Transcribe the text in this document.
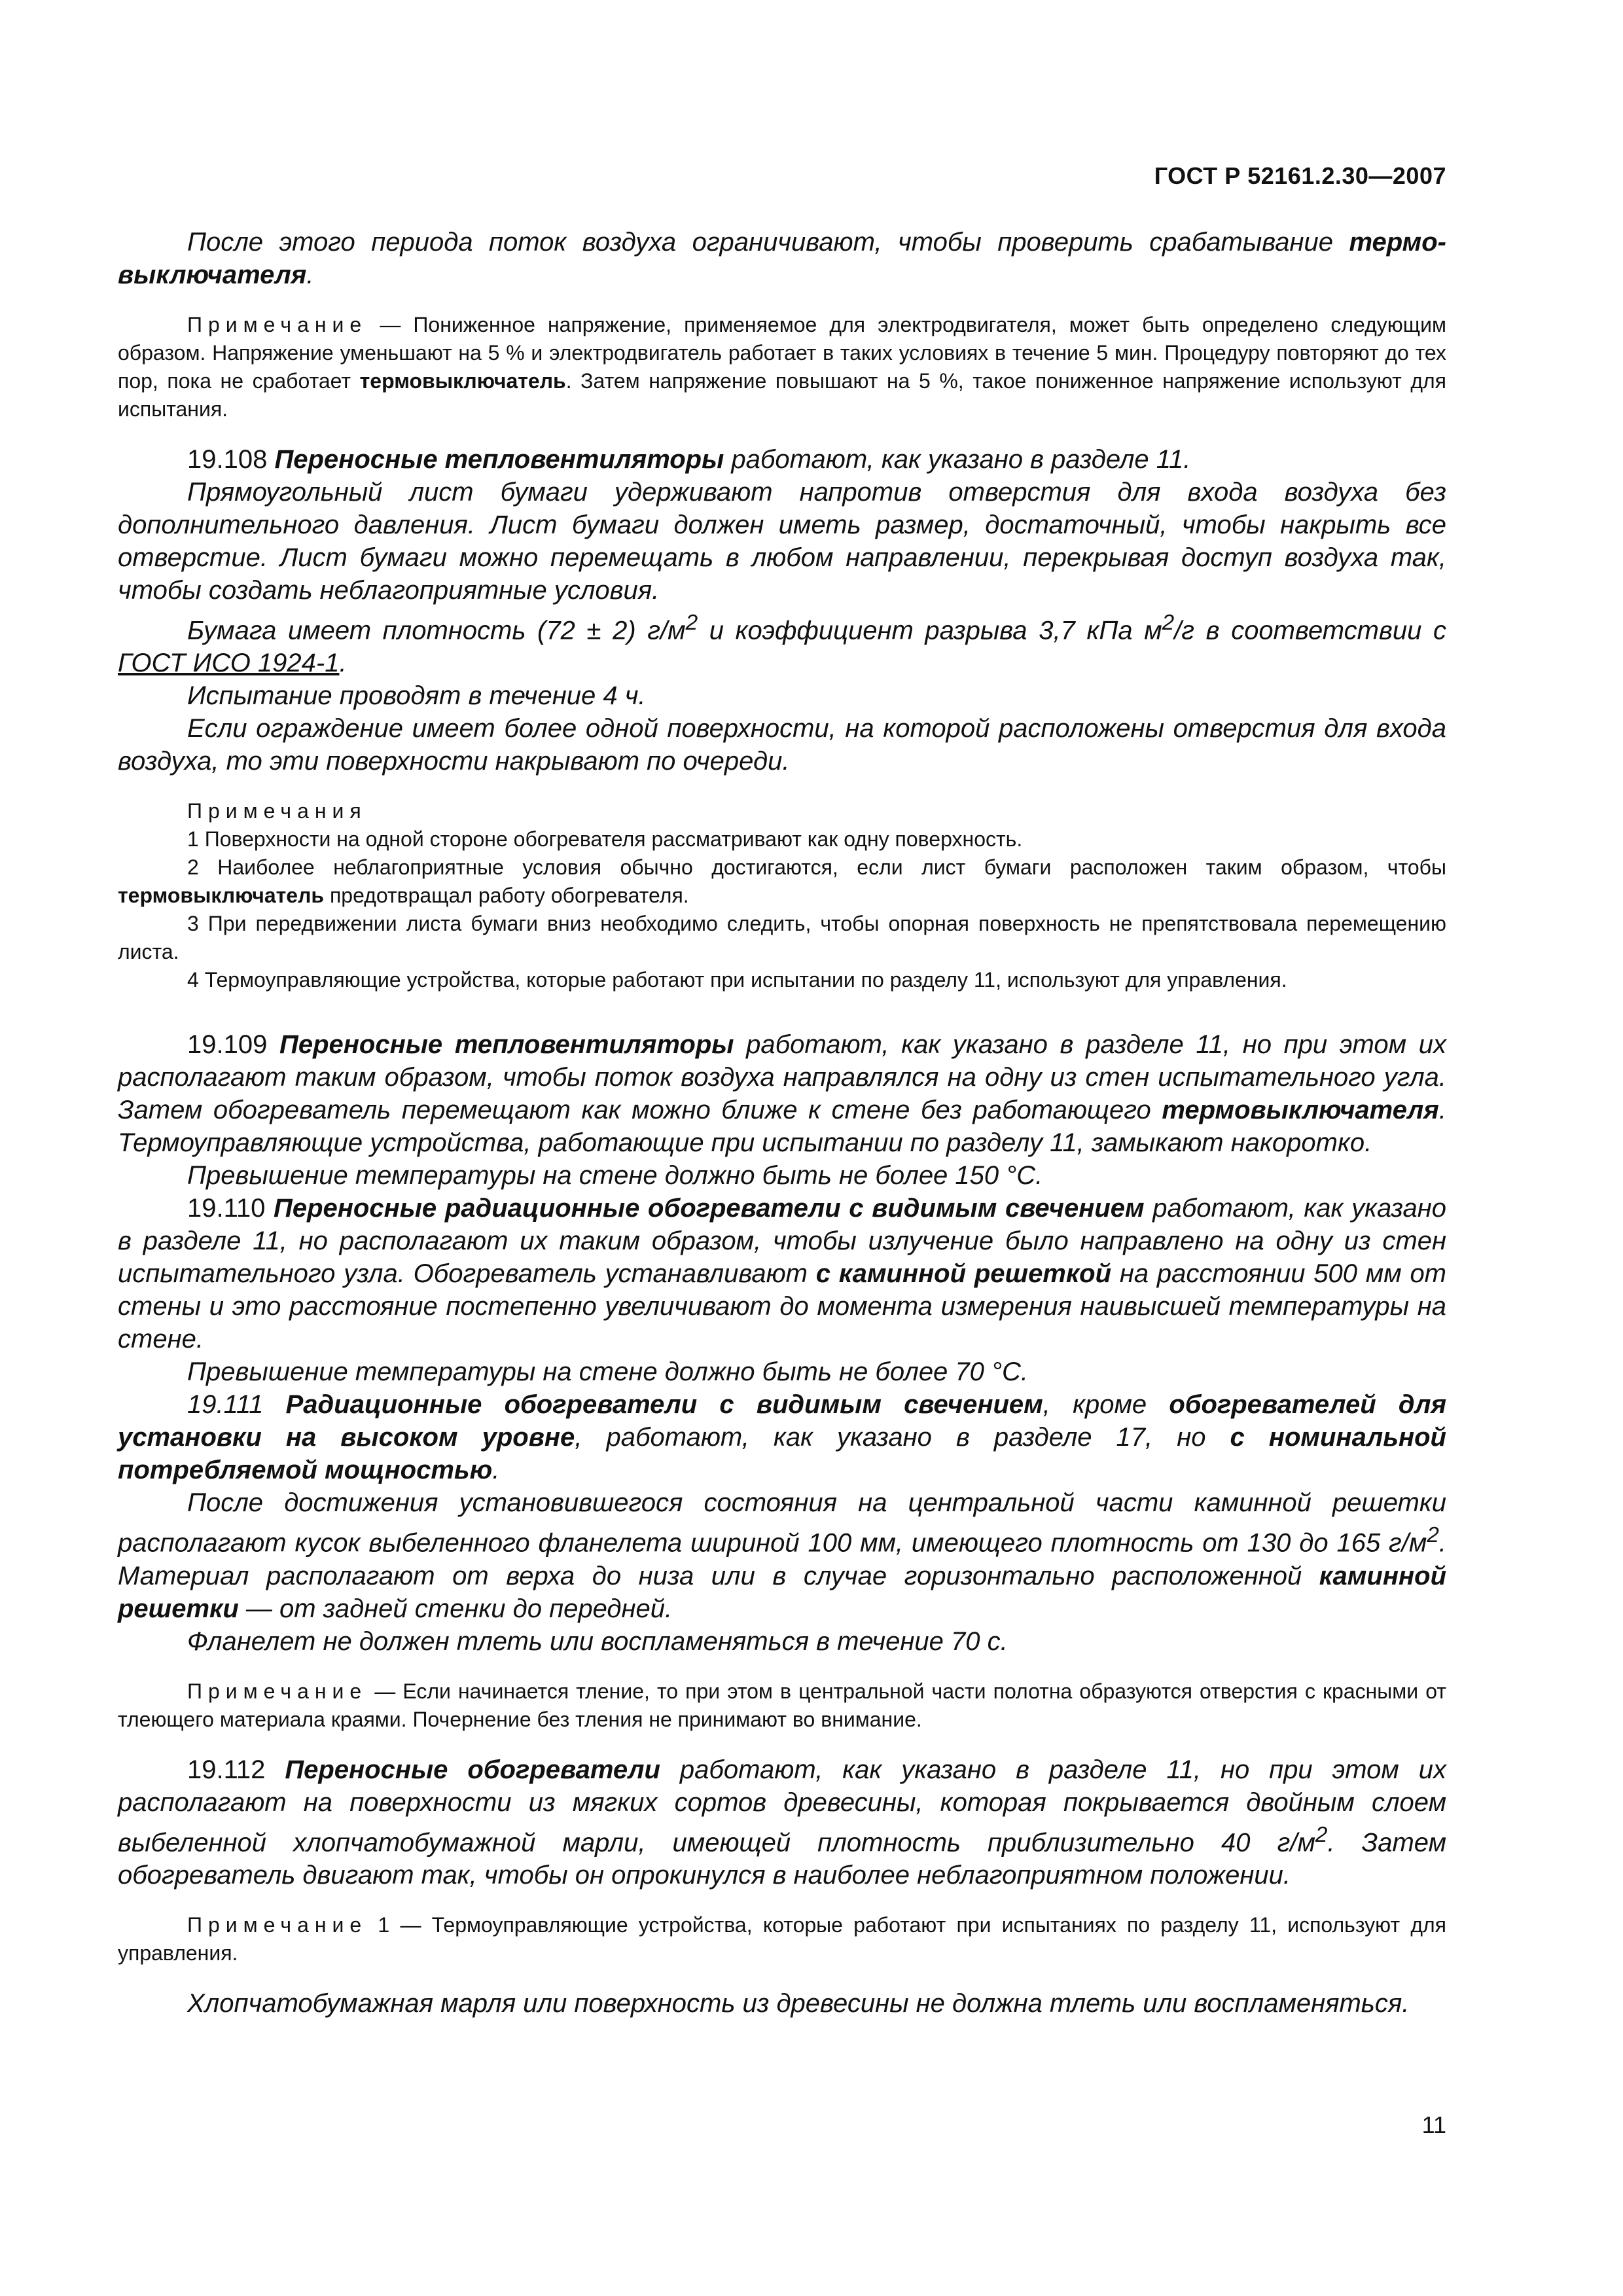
ГОСТ Р 52161.2.30—2007

После этого периода поток воздуха ограничивают, чтобы проверить срабатывание термо-выключателя.

Примечание — Пониженное напряжение, применяемое для электродвигателя, может быть определено следующим образом. Напряжение уменьшают на 5 % и электродвигатель работает в таких условиях в течение 5 мин. Процедуру повторяют до тех пор, пока не сработает термовыключатель. Затем напряжение повышают на 5 %, такое пониженное напряжение используют для испытания.

19.108 Переносные тепловентиляторы работают, как указано в разделе 11.

Прямоугольный лист бумаги удерживают напротив отверстия для входа воздуха без дополнительного давления. Лист бумаги должен иметь размер, достаточный, чтобы накрыть все отверстие. Лист бумаги можно перемещать в любом направлении, перекрывая доступ воздуха так, чтобы создать неблагоприятные условия.

Бумага имеет плотность (72 ± 2) $г/м^2$ и коэффициент разрыва 3,7 кПа $м^2/г$ в соответствии с ГОСТ ИСО 1924-1.

Испытание проводят в течение 4 ч.

Если ограждение имеет более одной поверхности, на которой расположены отверстия для входа воздуха, то эти поверхности накрывают по очереди.

Примечания

1 Поверхности на одной стороне обогревателя рассматривают как одну поверхность.

2 Наиболее неблагоприятные условия обычно достигаются, если лист бумаги расположен таким образом, чтобы термовыключатель предотвращал работу обогревателя.

3 При передвижении листа бумаги вниз необходимо следить, чтобы опорная поверхность не препятствовала перемещению листа.

4 Термоуправляющие устройства, которые работают при испытании по разделу 11, используют для управления.

19.109 Переносные тепловентиляторы работают, как указано в разделе 11, но при этом их располагают таким образом, чтобы поток воздуха направлялся на одну из стен испытательного угла. Затем обогреватель перемещают как можно ближе к стене без работающего термовыключателя. Термоуправляющие устройства, работающие при испытании по разделу 11, замыкают накоротко.

Превышение температуры на стене должно быть не более 150 °С.

19.110 Переносные радиационные обогреватели с видимым свечением работают, как указано в разделе 11, но располагают их таким образом, чтобы излучение было направлено на одну из стен испытательного узла. Обогреватель устанавливают с каминной решеткой на расстоянии 500 мм от стены и это расстояние постепенно увеличивают до момента измерения наивысшей температуры на стене.

Превышение температуры на стене должно быть не более 70 °С.

19.111 Радиационные обогреватели с видимым свечением, кроме обогревателей для установки на высоком уровне, работают, как указано в разделе 17, но с номинальной потребляемой мощностью.

После достижения установившегося состояния на центральной части каминной решетки располагают кусок выбеленного фланелета шириной 100 мм, имеющего плотность от 130 до 165 $г/м^2$. Материал располагают от верха до низа или в случае горизонтально расположенной каминной решетки — от задней стенки до передней.

Фланелет не должен тлеть или воспламеняться в течение 70 с.

Примечание — Если начинается тление, то при этом в центральной части полотна образуются отверстия с красными от тлеющего материала краями. Почернение без тления не принимают во внимание.

19.112 Переносные обогреватели работают, как указано в разделе 11, но при этом их располагают на поверхности из мягких сортов древесины, которая покрывается двойным слоем выбеленной хлопчатобумажной марли, имеющей плотность приблизительно 40 $г/м^2$. Затем обогреватель двигают так, чтобы он опрокинулся в наиболее неблагоприятном положении.

Примечание 1 — Термоуправляющие устройства, которые работают при испытаниях по разделу 11, используют для управления.

Хлопчатобумажная марля или поверхность из древесины не должна тлеть или воспламеняться.

11
